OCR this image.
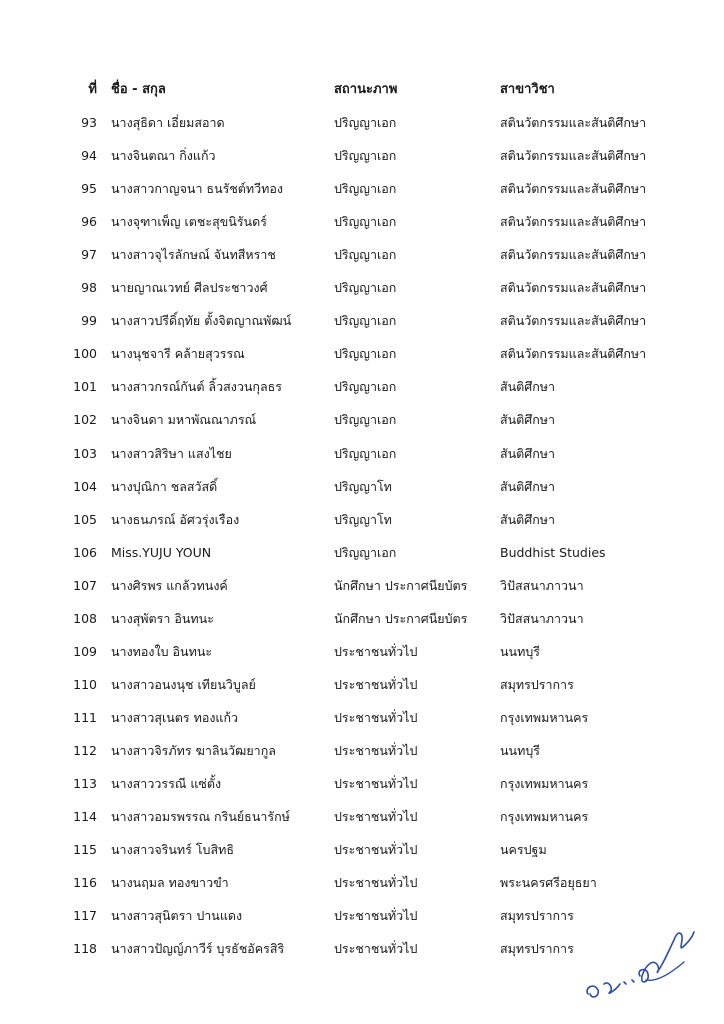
ที่ ชื่อ - สกุล	สถานะภาพ	สาขาวิชา
93 นางสุธิดา เอี่ยมสอาด	ปริญญาเอก	สตินวัตกรรมและสันติศึกษา
94 นางจินตณา กิ่งแก้ว	ปริญญาเอก	สตินวัตกรรมและสันติศึกษา
95 นางสาวกาญจนา ธนรัชต์ทวีทอง	ปริญญาเอก	สตินวัตกรรมและสันติศึกษา
96 นางจุฑาเพ็ญ เตชะสุขนิรันดร์	ปริญญาเอก	สตินวัตกรรมและสันติศึกษา
97 นางสาวจุไรลักษณ์ จันทสีหราช	ปริญญาเอก	สตินวัตกรรมและสันติศึกษา
98 นายญาณเวทย์ ศีลประชาวงศ์	ปริญญาเอก	สตินวัตกรรมและสันติศึกษา
99 นางสาวปรีดิ์ฤทัย ตั้งจิตญาณพัฒน์	ปริญญาเอก	สตินวัตกรรมและสันติศึกษา
100 นางนุชจารี คล้ายสุวรรณ	ปริญญาเอก	สตินวัตกรรมและสันติศึกษา
101 นางสาวกรณ์กันต์ ลิ้วสงวนกุลธร	ปริญญาเอก	สันติศึกษา
102 นางจินดา มหาพัณณาภรณ์	ปริญญาเอก	สันติศึกษา
103 นางสาวสิริษา แสงไชย	ปริญญาเอก	สันติศึกษา
104 นางปุณิกา ชลสวัสดิ์	ปริญญาโท	สันติศึกษา
105 นางธนภรณ์ อัศวรุ่งเรือง	ปริญญาโท	สันติศึกษา
106 Miss.YUJU YOUN	ปริญญาเอก	Buddhist Studies
107 นางศิรพร แกล้วทนงค์	นักศึกษา ประกาศนียบัตร	วิปัสสนาภาวนา
108 นางสุพัตรา อินทนะ	นักศึกษา ประกาศนียบัตร	วิปัสสนาภาวนา
109 นางทองใบ อินทนะ	ประชาชนทั่วไป	นนทบุรี
110 นางสาวอนงนุช เทียนวิบูลย์	ประชาชนทั่วไป	สมุทรปราการ
111 นางสาวสุเนตร ทองแก้ว	ประชาชนทั่วไป	กรุงเทพมหานคร
112 นางสาวจิรภัทร ฆาลินวัฒยากูล	ประชาชนทั่วไป	นนทบุรี
113 นางสาววรรณี แซ่ตั้ง	ประชาชนทั่วไป	กรุงเทพมหานคร
114 นางสาวอมรพรรณ กรินย์ธนารักษ์	ประชาชนทั่วไป	กรุงเทพมหานคร
115 นางสาวจรินทร์ โบสิทธิ	ประชาชนทั่วไป	นครปฐม
116 นางนฤมล ทองขาวขำ	ประชาชนทั่วไป	พระนครศรีอยุธยา
117 นางสาวสุนิตรา ปานแดง	ประชาชนทั่วไป	สมุทรปราการ
118 นางสาวปัญญ์ภาวีร์ บุรธัชอัครสิริ	ประชาชนทั่วไป	สมุทรปราการ
